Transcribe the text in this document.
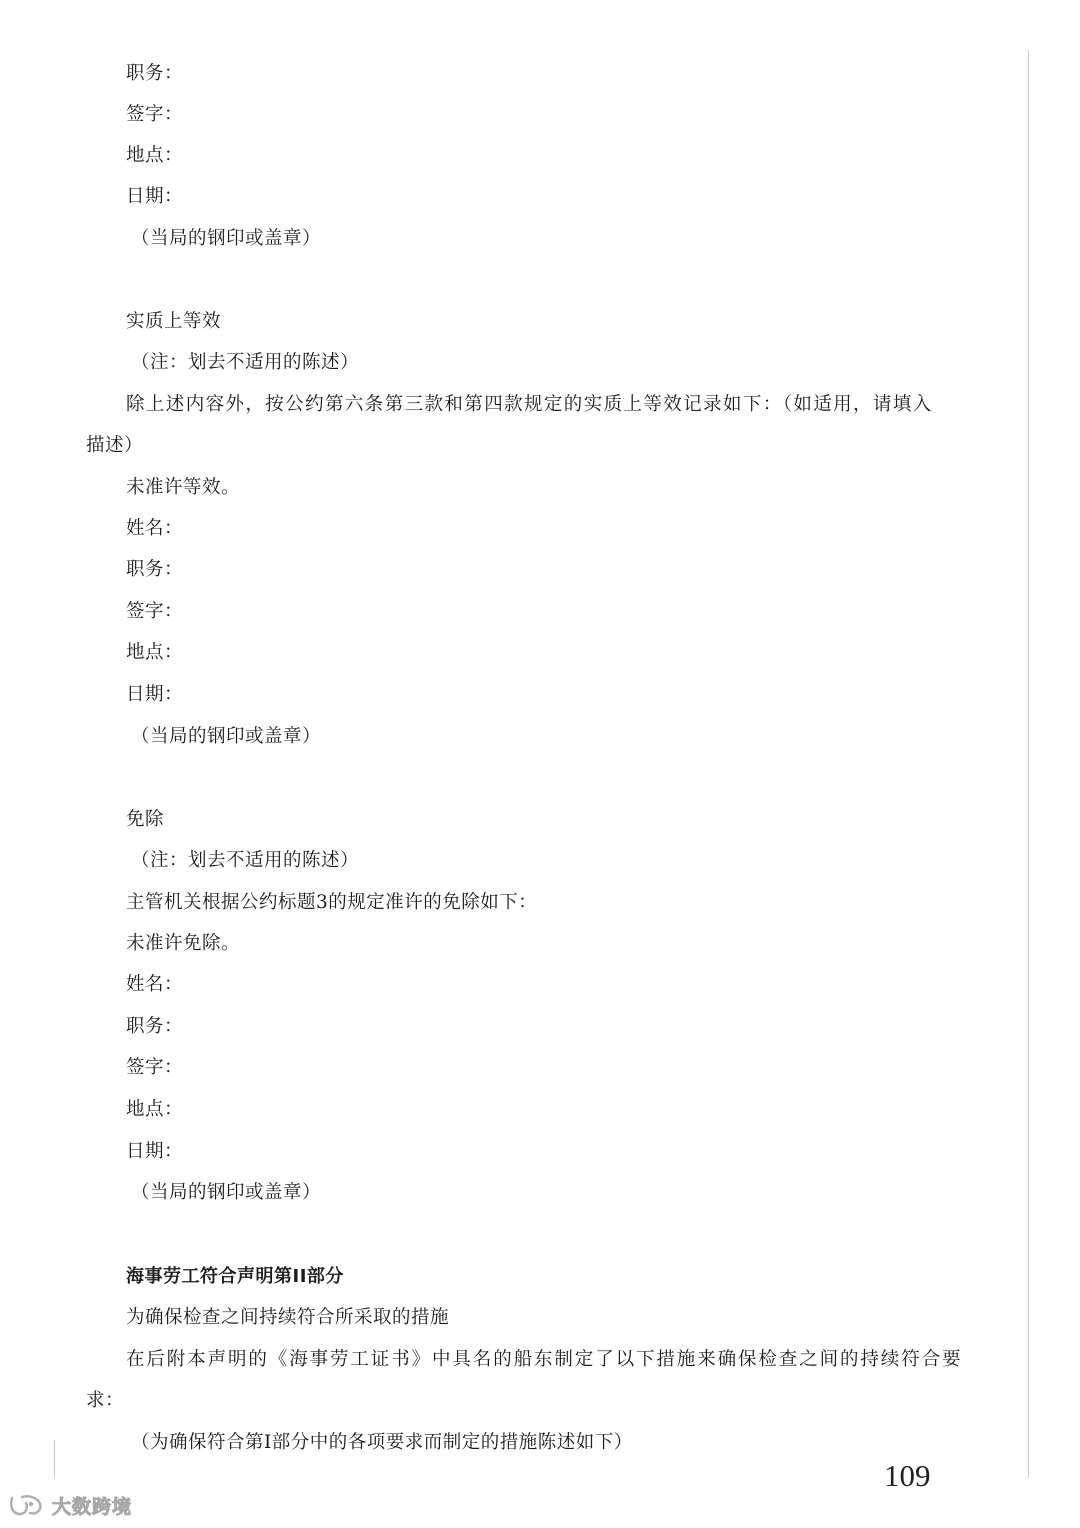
职务：
签字：
地点：
日期：
（当局的钢印或盖章）
实质上等效
（注：划去不适用的陈述）
除上述内容外，按公约第六条第三款和第四款规定的实质上等效记录如下：（如适用，请填入
描述）
未准许等效。
姓名：
职务：
签字：
地点：
日期：
（当局的钢印或盖章）
免除
（注：划去不适用的陈述）
主管机关根据公约标题3的规定准许的免除如下：
未准许免除。
姓名：
职务：
签字：
地点：
日期：
（当局的钢印或盖章）
海事劳工符合声明第II部分
为确保检查之间持续符合所采取的措施
在后附本声明的《海事劳工证书》中具名的船东制定了以下措施来确保检查之间的持续符合要
求：
（为确保符合第I部分中的各项要求而制定的措施陈述如下）
109
大数跨境
